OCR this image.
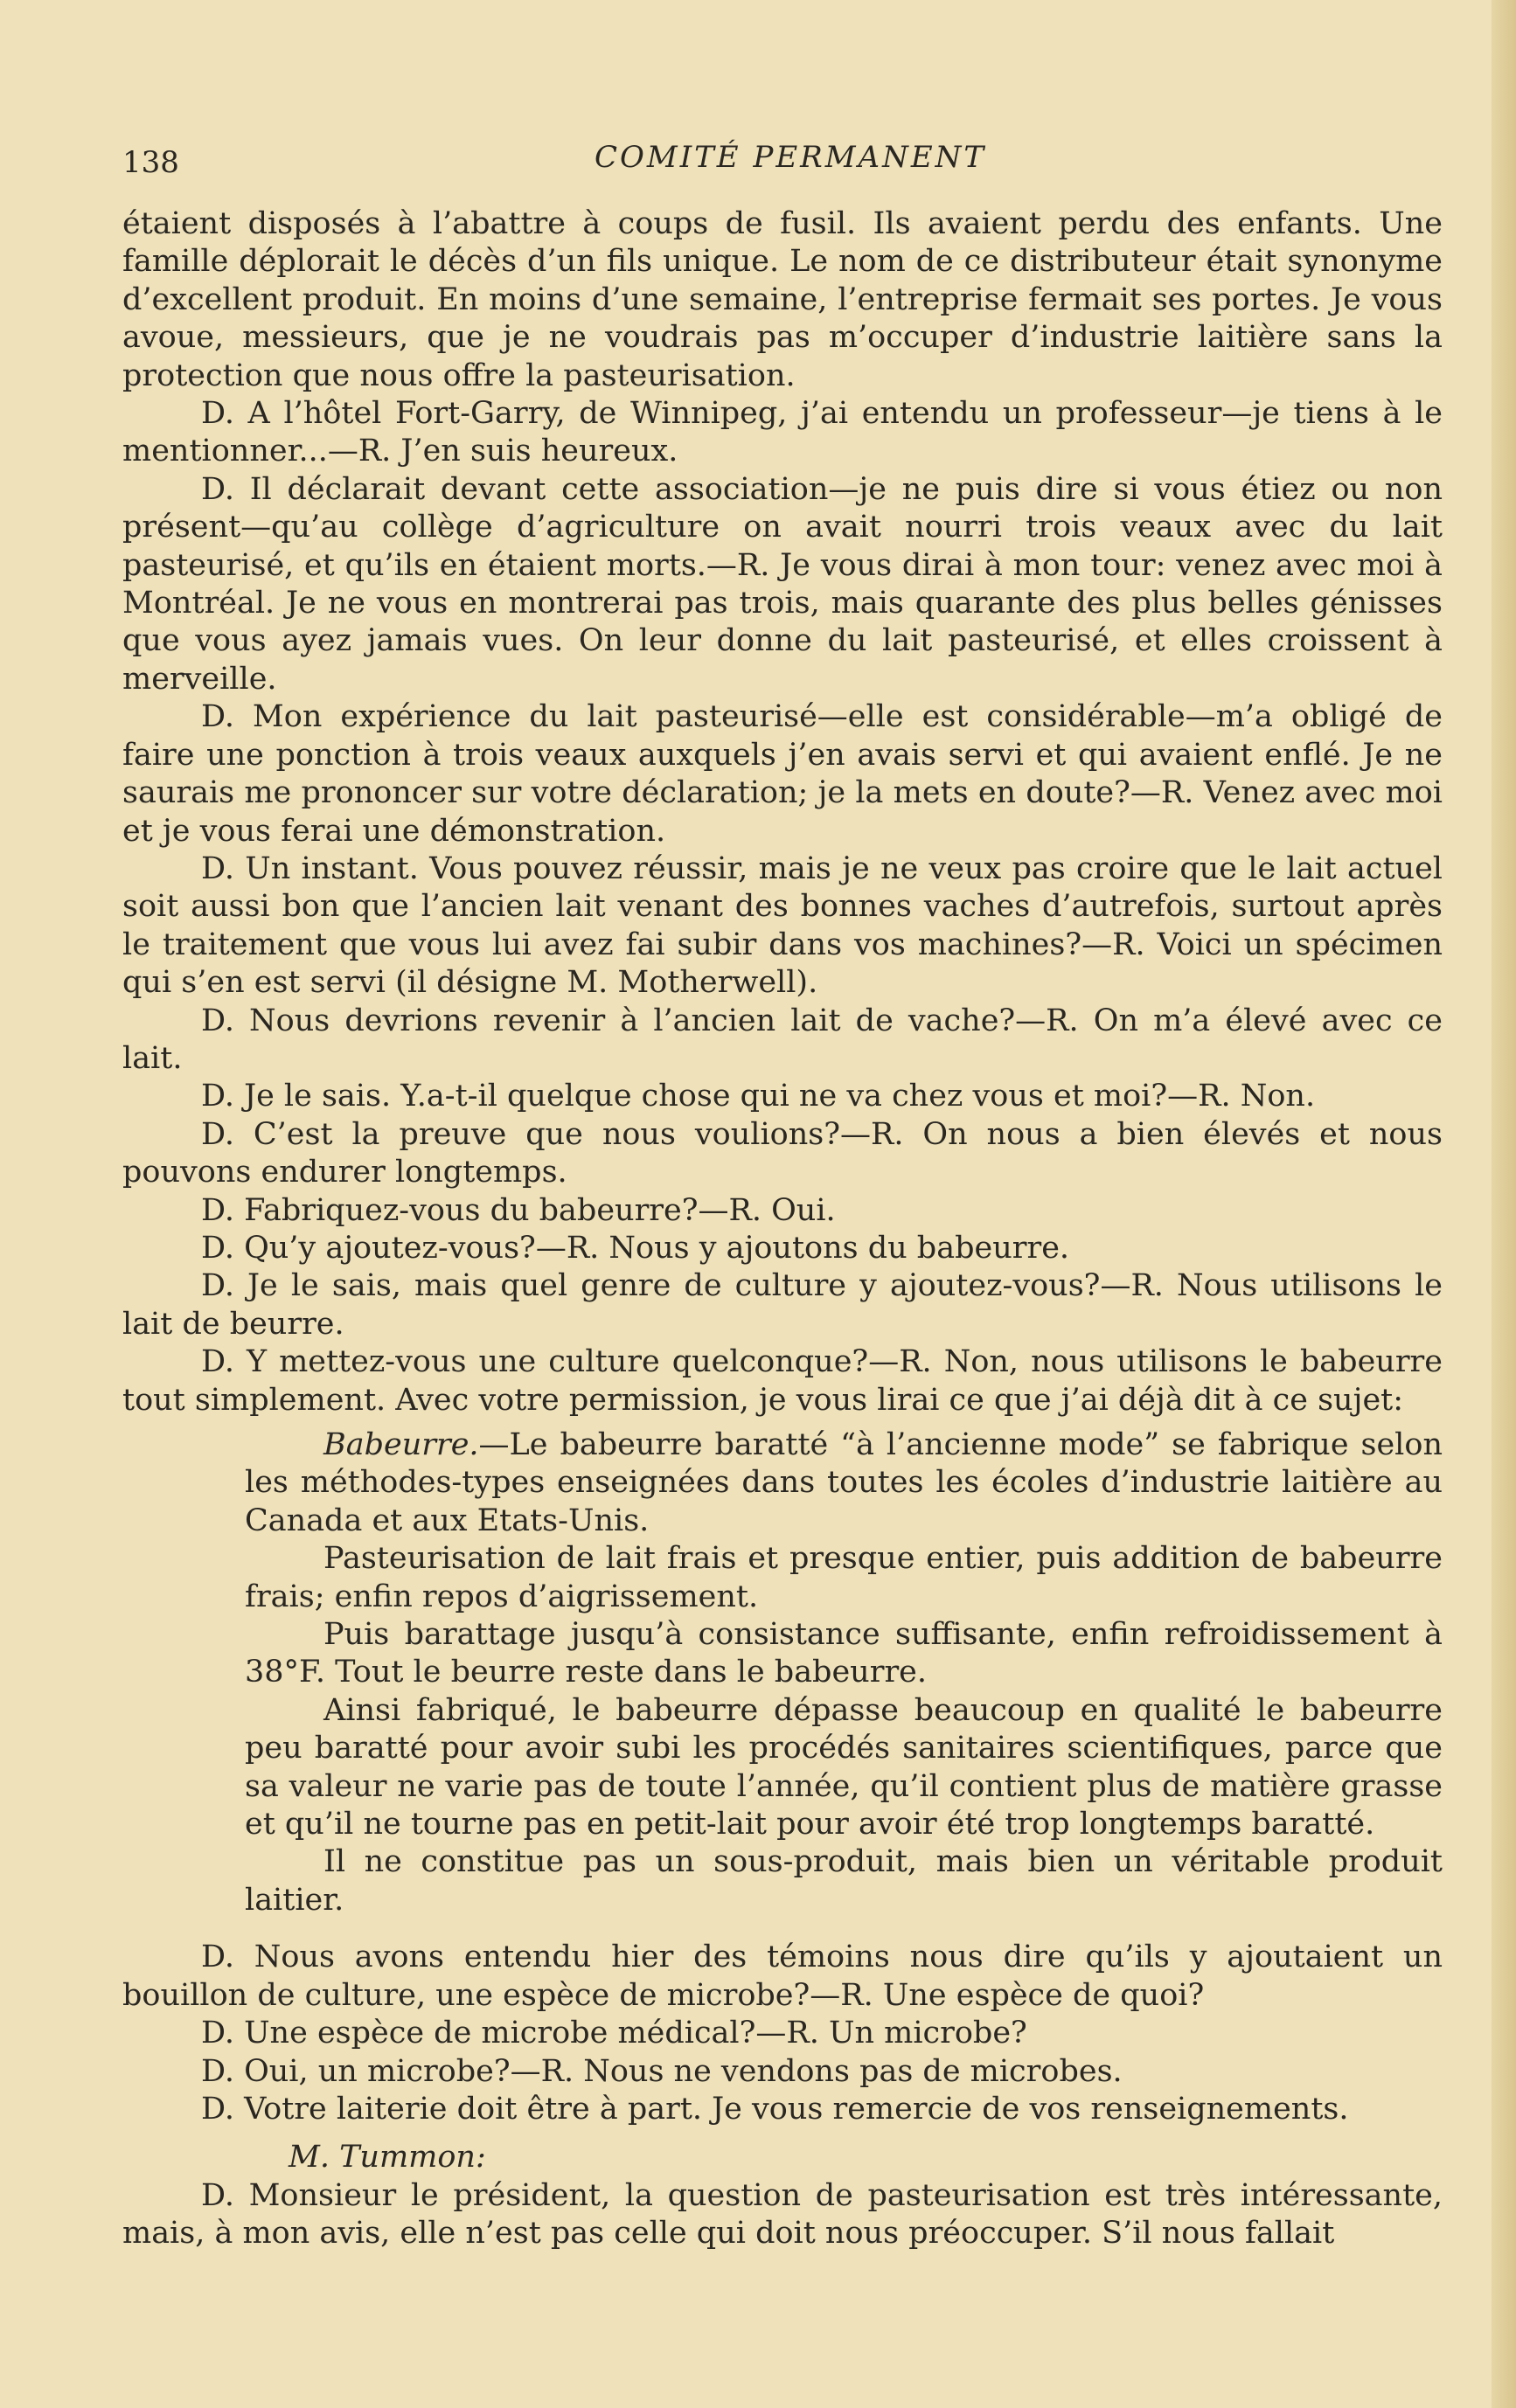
138	COMITÉ PERMANENT

étaient disposés à l’abattre à coups de fusil. Ils avaient perdu des enfants. Une famille déplorait le décès d’un fils unique. Le nom de ce distributeur était synonyme d’excellent produit. En moins d’une semaine, l’entreprise fermait ses portes. Je vous avoue, messieurs, que je ne voudrais pas m’occuper d’industrie laitière sans la protection que nous offre la pasteurisation.

D. A l’hôtel Fort-Garry, de Winnipeg, j’ai entendu un professeur—je tiens à le mentionner...—R. J’en suis heureux.

D. Il déclarait devant cette association—je ne puis dire si vous étiez ou non présent—qu’au collège d’agriculture on avait nourri trois veaux avec du lait pasteurisé, et qu’ils en étaient morts.—R. Je vous dirai à mon tour: venez avec moi à Montréal. Je ne vous en montrerai pas trois, mais quarante des plus belles génisses que vous ayez jamais vues. On leur donne du lait pasteurisé, et elles croissent à merveille.

D. Mon expérience du lait pasteurisé—elle est considérable—m’a obligé de faire une ponction à trois veaux auxquels j’en avais servi et qui avaient enflé. Je ne saurais me prononcer sur votre déclaration; je la mets en doute?—R. Venez avec moi et je vous ferai une démonstration.

D. Un instant. Vous pouvez réussir, mais je ne veux pas croire que le lait actuel soit aussi bon que l’ancien lait venant des bonnes vaches d’autrefois, surtout après le traitement que vous lui avez fai subir dans vos machines?—R. Voici un spécimen qui s’en est servi (il désigne M. Motherwell).

D. Nous devrions revenir à l’ancien lait de vache?—R. On m’a élevé avec ce lait.

D. Je le sais. Y.a-t-il quelque chose qui ne va chez vous et moi?—R. Non.

D. C’est la preuve que nous voulions?—R. On nous a bien élevés et nous pouvons endurer longtemps.

D. Fabriquez-vous du babeurre?—R. Oui.

D. Qu’y ajoutez-vous?—R. Nous y ajoutons du babeurre.

D. Je le sais, mais quel genre de culture y ajoutez-vous?—R. Nous utilisons le lait de beurre.

D. Y mettez-vous une culture quelconque?—R. Non, nous utilisons le babeurre tout simplement. Avec votre permission, je vous lirai ce que j’ai déjà dit à ce sujet:

Babeurre.—Le babeurre baratté “à l’ancienne mode” se fabrique selon les méthodes-types enseignées dans toutes les écoles d’industrie laitière au Canada et aux Etats-Unis.

Pasteurisation de lait frais et presque entier, puis addition de babeurre frais; enfin repos d’aigrissement.

Puis barattage jusqu’à consistance suffisante, enfin refroidissement à 38°F. Tout le beurre reste dans le babeurre.

Ainsi fabriqué, le babeurre dépasse beaucoup en qualité le babeurre peu baratté pour avoir subi les procédés sanitaires scientifiques, parce que sa valeur ne varie pas de toute l’année, qu’il contient plus de matière grasse et qu’il ne tourne pas en petit-lait pour avoir été trop longtemps baratté.

Il ne constitue pas un sous-produit, mais bien un véritable produit laitier.

D. Nous avons entendu hier des témoins nous dire qu’ils y ajoutaient un bouillon de culture, une espèce de microbe?—R. Une espèce de quoi?

D. Une espèce de microbe médical?—R. Un microbe?

D. Oui, un microbe?—R. Nous ne vendons pas de microbes.

D. Votre laiterie doit être à part. Je vous remercie de vos renseignements.

M. Tummon:

D. Monsieur le président, la question de pasteurisation est très intéressante, mais, à mon avis, elle n’est pas celle qui doit nous préoccuper. S’il nous fallait
